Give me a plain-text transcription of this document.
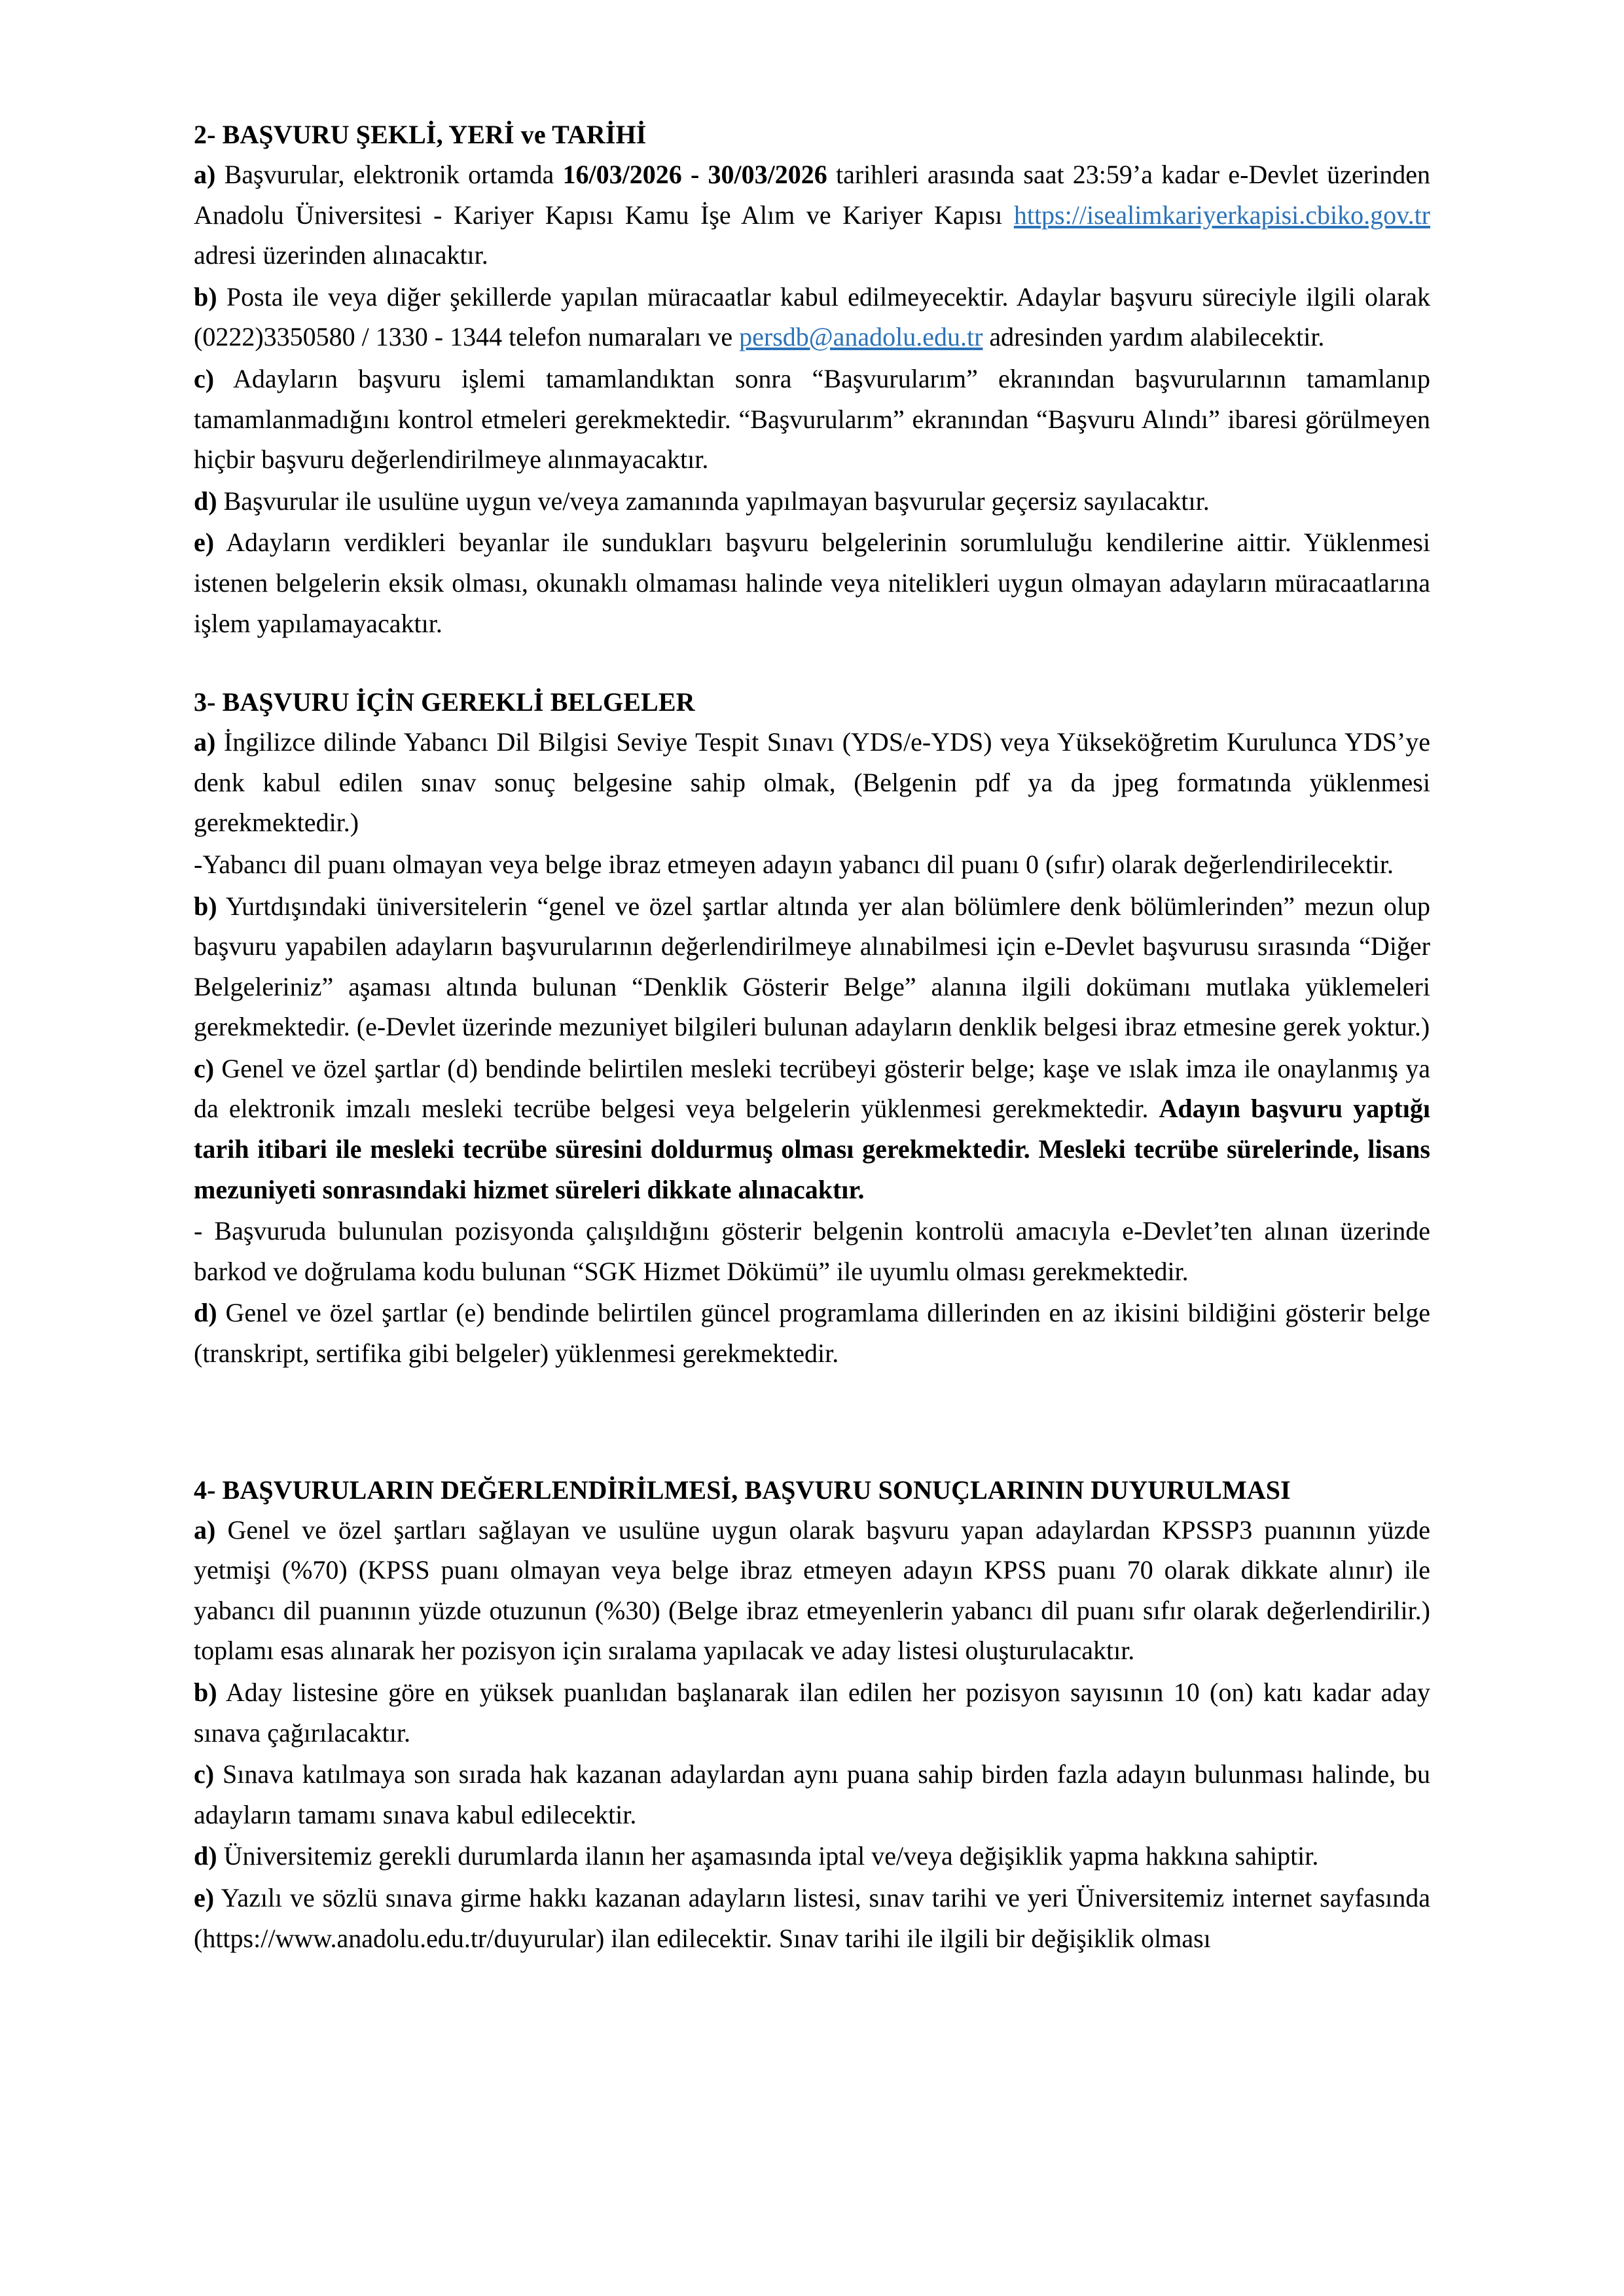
2- BAŞVURU ŞEKLİ, YERİ ve TARİHİ

a) Başvurular, elektronik ortamda 16/03/2026 - 30/03/2026 tarihleri arasında saat 23:59’a kadar e-Devlet üzerinden Anadolu Üniversitesi - Kariyer Kapısı Kamu İşe Alım ve Kariyer Kapısı https://isealimkariyerkapisi.cbiko.gov.tr adresi üzerinden alınacaktır.

b) Posta ile veya diğer şekillerde yapılan müracaatlar kabul edilmeyecektir. Adaylar başvuru süreciyle ilgili olarak (0222)3350580 / 1330 - 1344 telefon numaraları ve persdb@anadolu.edu.tr adresinden yardım alabilecektir.

c) Adayların başvuru işlemi tamamlandıktan sonra “Başvurularım” ekranından başvurularının tamamlanıp tamamlanmadığını kontrol etmeleri gerekmektedir. “Başvurularım” ekranından “Başvuru Alındı” ibaresi görülmeyen hiçbir başvuru değerlendirilmeye alınmayacaktır.

d) Başvurular ile usulüne uygun ve/veya zamanında yapılmayan başvurular geçersiz sayılacaktır.

e) Adayların verdikleri beyanlar ile sundukları başvuru belgelerinin sorumluluğu kendilerine aittir. Yüklenmesi istenen belgelerin eksik olması, okunaklı olmaması halinde veya nitelikleri uygun olmayan adayların müracaatlarına işlem yapılamayacaktır.

3- BAŞVURU İÇİN GEREKLİ BELGELER

a) İngilizce dilinde Yabancı Dil Bilgisi Seviye Tespit Sınavı (YDS/e-YDS) veya Yükseköğretim Kurulunca YDS’ye denk kabul edilen sınav sonuç belgesine sahip olmak, (Belgenin pdf ya da jpeg formatında yüklenmesi gerekmektedir.)

-Yabancı dil puanı olmayan veya belge ibraz etmeyen adayın yabancı dil puanı 0 (sıfır) olarak değerlendirilecektir.

b) Yurtdışındaki üniversitelerin “genel ve özel şartlar altında yer alan bölümlere denk bölümlerinden” mezun olup başvuru yapabilen adayların başvurularının değerlendirilmeye alınabilmesi için e-Devlet başvurusu sırasında “Diğer Belgeleriniz” aşaması altında bulunan “Denklik Gösterir Belge” alanına ilgili dokümanı mutlaka yüklemeleri gerekmektedir. (e-Devlet üzerinde mezuniyet bilgileri bulunan adayların denklik belgesi ibraz etmesine gerek yoktur.)

c) Genel ve özel şartlar (d) bendinde belirtilen mesleki tecrübeyi gösterir belge; kaşe ve ıslak imza ile onaylanmış ya da elektronik imzalı mesleki tecrübe belgesi veya belgelerin yüklenmesi gerekmektedir. Adayın başvuru yaptığı tarih itibari ile mesleki tecrübe süresini doldurmuş olması gerekmektedir. Mesleki tecrübe sürelerinde, lisans mezuniyeti sonrasındaki hizmet süreleri dikkate alınacaktır.

- Başvuruda bulunulan pozisyonda çalışıldığını gösterir belgenin kontrolü amacıyla e-Devlet’ten alınan üzerinde barkod ve doğrulama kodu bulunan “SGK Hizmet Dökümü” ile uyumlu olması gerekmektedir.

d) Genel ve özel şartlar (e) bendinde belirtilen güncel programlama dillerinden en az ikisini bildiğini gösterir belge (transkript, sertifika gibi belgeler) yüklenmesi gerekmektedir.

4- BAŞVURULARIN DEĞERLENDİRİLMESİ, BAŞVURU SONUÇLARININ DUYURULMASI

a) Genel ve özel şartları sağlayan ve usulüne uygun olarak başvuru yapan adaylardan KPSSP3 puanının yüzde yetmişi (%70) (KPSS puanı olmayan veya belge ibraz etmeyen adayın KPSS puanı 70 olarak dikkate alınır) ile yabancı dil puanının yüzde otuzunun (%30) (Belge ibraz etmeyenlerin yabancı dil puanı sıfır olarak değerlendirilir.) toplamı esas alınarak her pozisyon için sıralama yapılacak ve aday listesi oluşturulacaktır.

b) Aday listesine göre en yüksek puanlıdan başlanarak ilan edilen her pozisyon sayısının 10 (on) katı kadar aday sınava çağırılacaktır.

c) Sınava katılmaya son sırada hak kazanan adaylardan aynı puana sahip birden fazla adayın bulunması halinde, bu adayların tamamı sınava kabul edilecektir.

d) Üniversitemiz gerekli durumlarda ilanın her aşamasında iptal ve/veya değişiklik yapma hakkına sahiptir.

e) Yazılı ve sözlü sınava girme hakkı kazanan adayların listesi, sınav tarihi ve yeri Üniversitemiz internet sayfasında (https://www.anadolu.edu.tr/duyurular) ilan edilecektir. Sınav tarihi ile ilgili bir değişiklik olması
